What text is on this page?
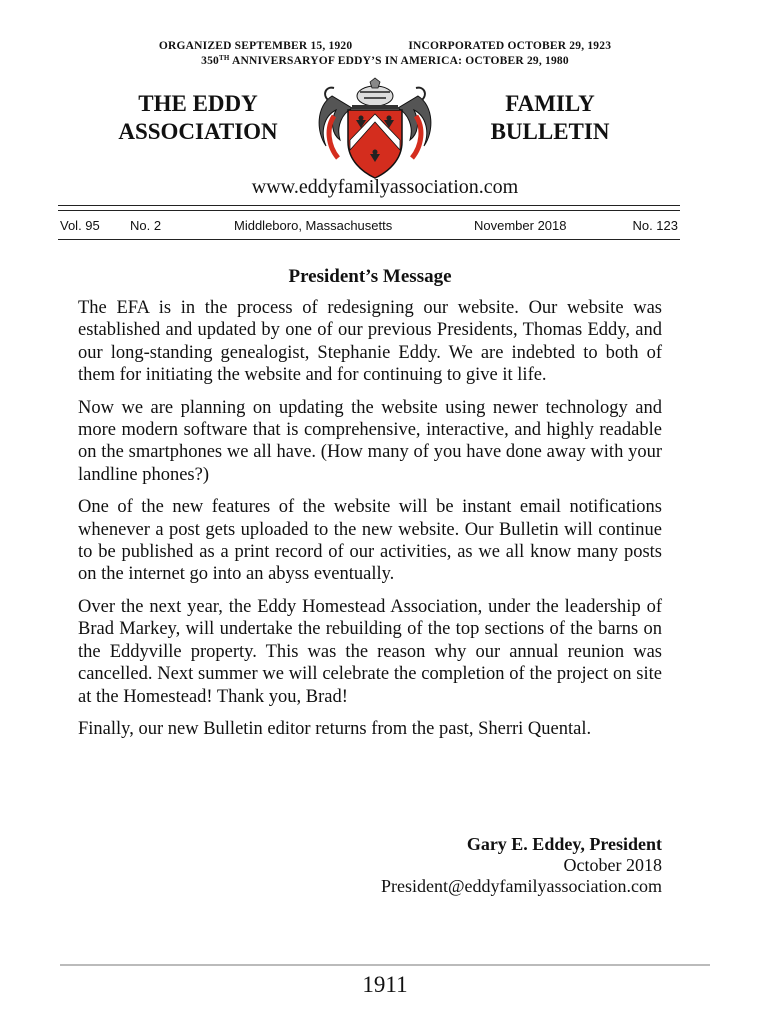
ORGANIZED SEPTEMBER 15, 1920	INCORPORATED OCTOBER 29, 1923
350TH ANNIVERSARYOF EDDY’S IN AMERICA: OCTOBER 29, 1980
THE EDDY
ASSOCIATION
FAMILY
BULLETIN
www.eddyfamilyassociation.com
Vol. 95 No. 2	Middleboro, Massachusetts	November 2018	No. 123
President’s Message

The EFA is in the process of redesigning our website. Our website was established and updated by one of our previous Presidents, Thomas Eddy, and our long-standing genealogist, Stephanie Eddy. We are indebted to both of them for initiating the website and for continuing to give it life.

Now we are planning on updating the website using newer technology and more modern software that is comprehensive, interactive, and highly readable on the smartphones we all have. (How many of you have done away with your landline phones?)

One of the new features of the website will be instant email notifications whenever a post gets uploaded to the new website. Our Bulletin will continue to be published as a print record of our activities, as we all know many posts on the internet go into an abyss eventually.

Over the next year, the Eddy Homestead Association, under the leadership of Brad Markey, will undertake the rebuilding of the top sections of the barns on the Eddyville property. This was the reason why our annual reunion was cancelled. Next summer we will celebrate the completion of the project on site at the Homestead! Thank you, Brad!

Finally, our new Bulletin editor returns from the past, Sherri Quental.

Gary E. Eddey, President
October 2018
President@eddyfamilyassociation.com
1911
